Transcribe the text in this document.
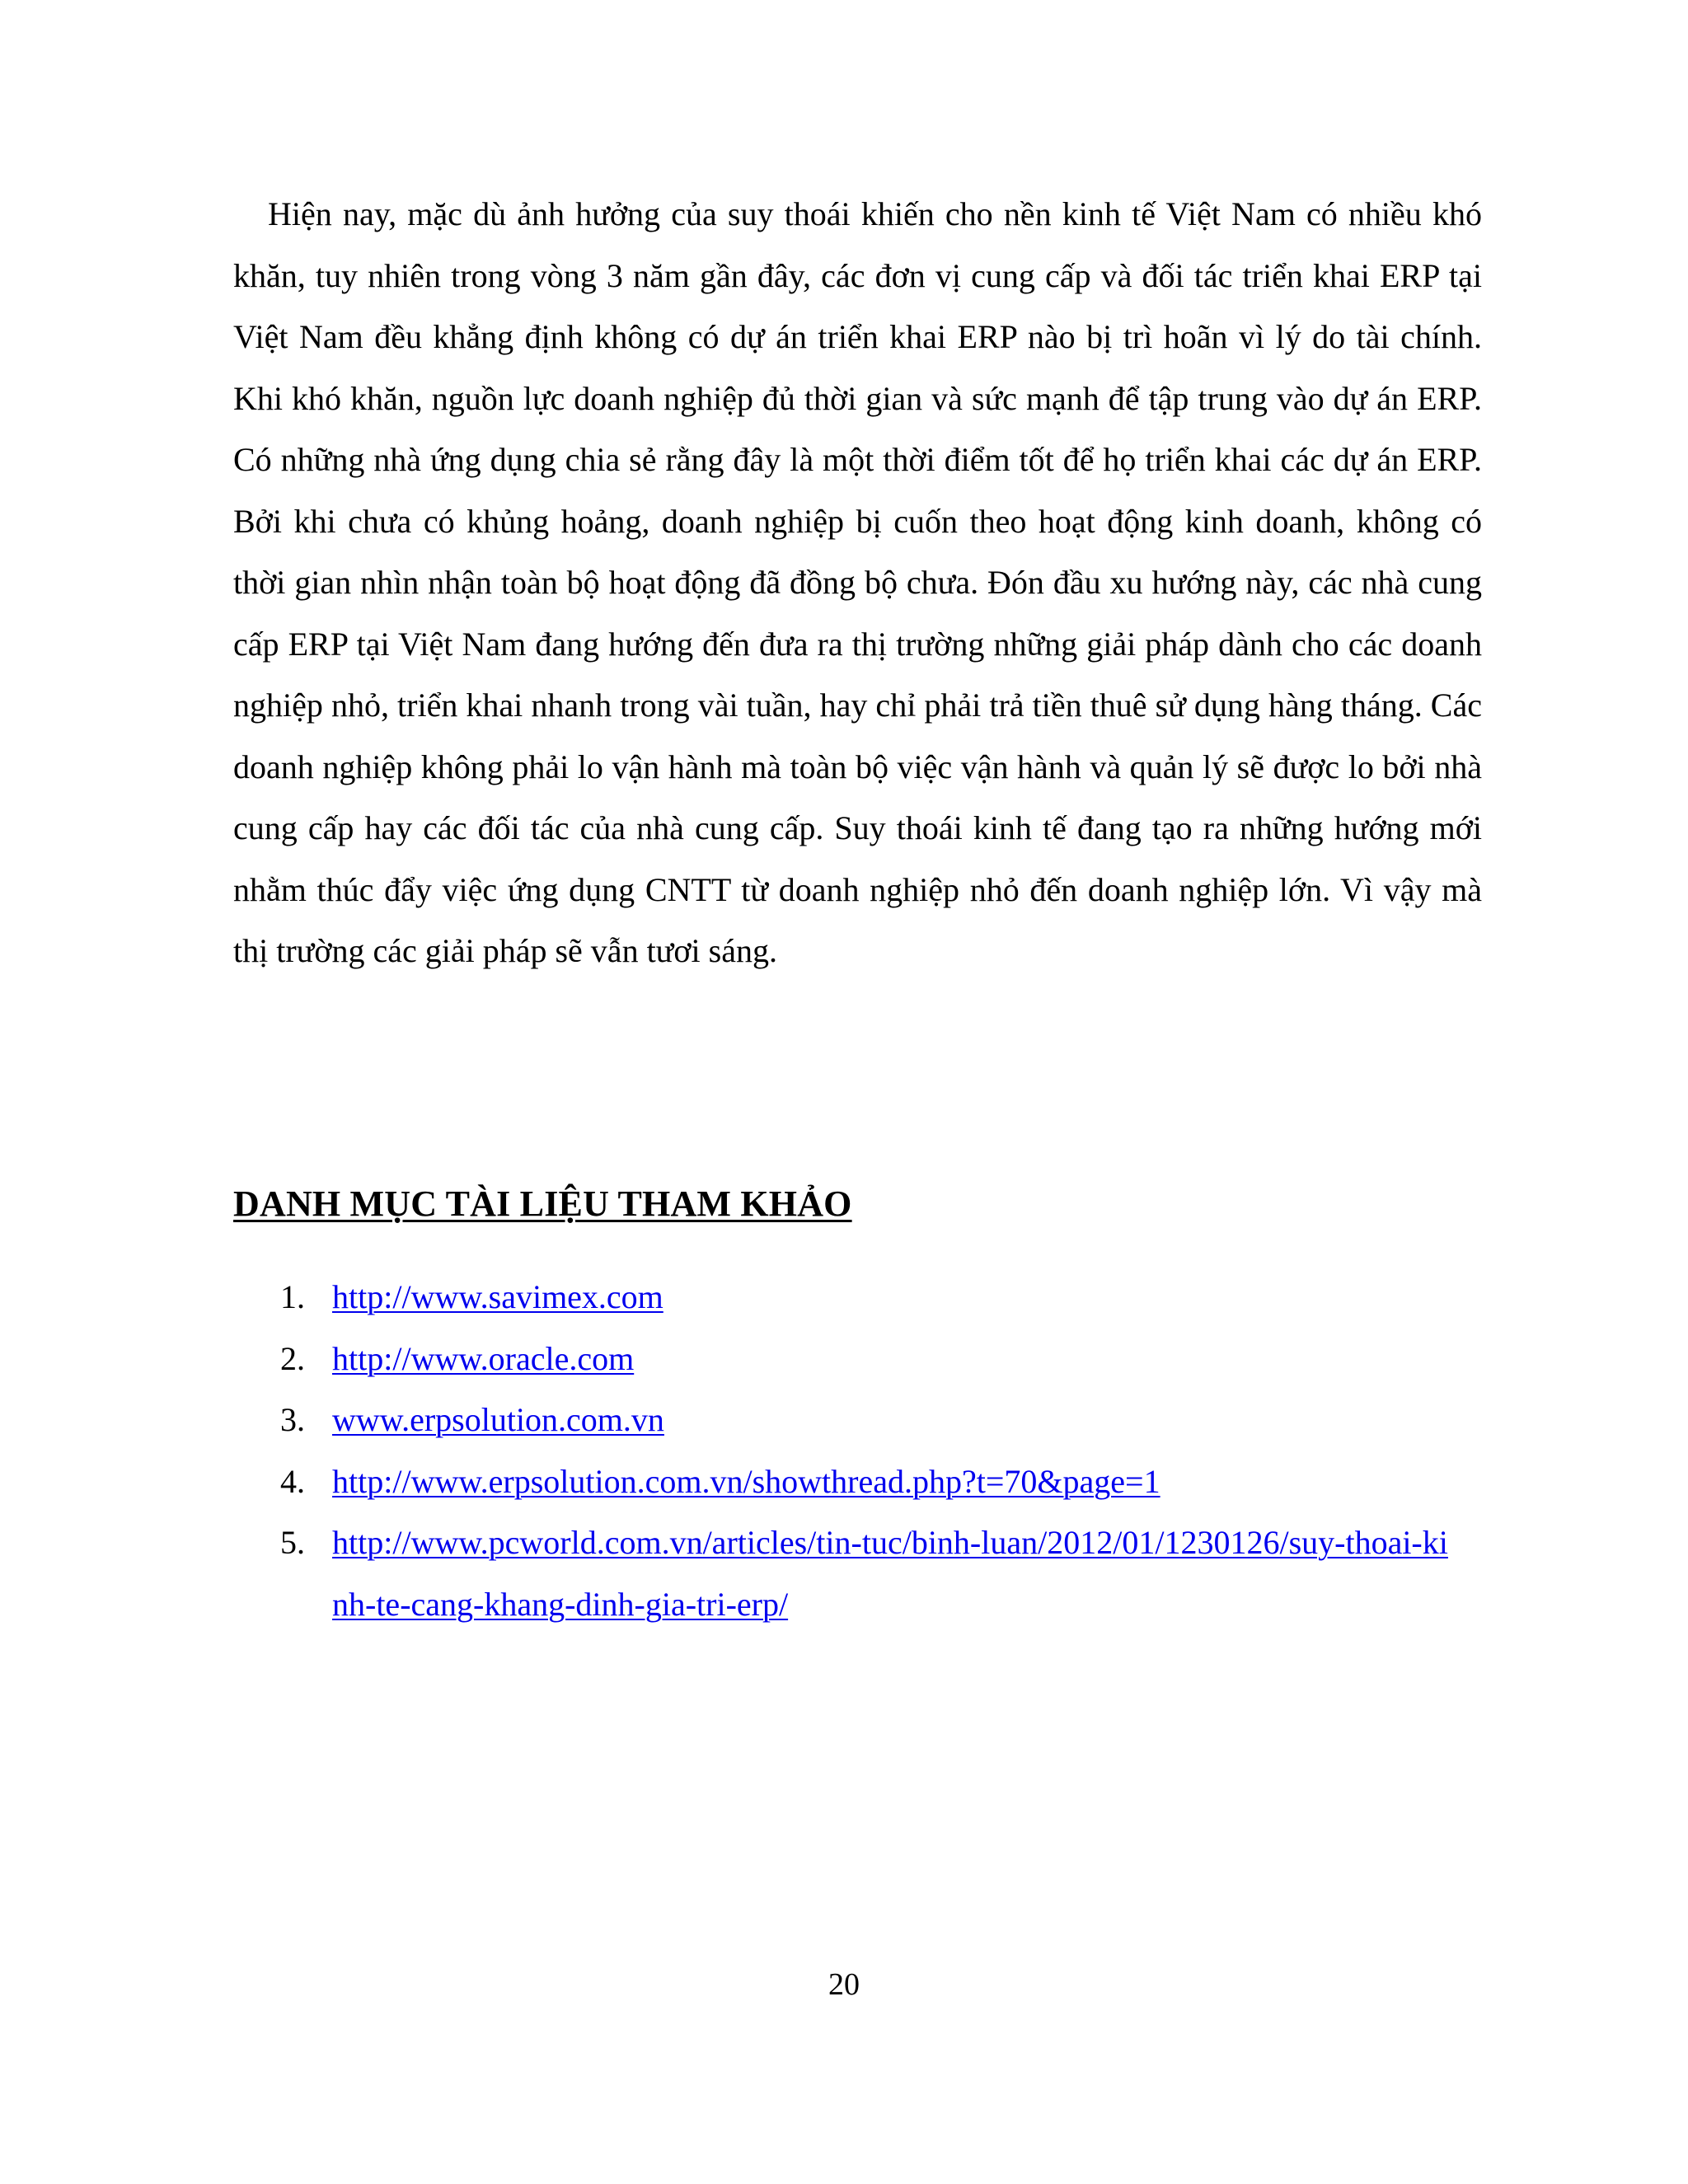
Hiện nay, mặc dù ảnh hưởng của suy thoái khiến cho nền kinh tế Việt Nam có nhiều khó khăn, tuy nhiên trong vòng 3 năm gần đây, các đơn vị cung cấp và đối tác triển khai ERP tại Việt Nam đều khẳng định không có dự án triển khai ERP nào bị trì hoãn vì lý do tài chính. Khi khó khăn, nguồn lực doanh nghiệp đủ thời gian và sức mạnh để tập trung vào dự án ERP. Có những nhà ứng dụng chia sẻ rằng đây là một thời điểm tốt để họ triển khai các dự án ERP. Bởi khi chưa có khủng hoảng, doanh nghiệp bị cuốn theo hoạt động kinh doanh, không có thời gian nhìn nhận toàn bộ hoạt động đã đồng bộ chưa. Đón đầu xu hướng này, các nhà cung cấp ERP tại Việt Nam đang hướng đến đưa ra thị trường những giải pháp dành cho các doanh nghiệp nhỏ, triển khai nhanh trong vài tuần, hay chỉ phải trả tiền thuê sử dụng hàng tháng. Các doanh nghiệp không phải lo vận hành mà toàn bộ việc vận hành và quản lý sẽ được lo bởi nhà cung cấp hay các đối tác của nhà cung cấp. Suy thoái kinh tế đang tạo ra những hướng mới nhằm thúc đẩy việc ứng dụng CNTT từ doanh nghiệp nhỏ đến doanh nghiệp lớn. Vì vậy mà thị trường các giải pháp sẽ vẫn tươi sáng.

DANH MỤC TÀI LIỆU THAM KHẢO
1. http://www.savimex.com
2. http://www.oracle.com
3. www.erpsolution.com.vn
4. http://www.erpsolution.com.vn/showthread.php?t=70&page=1
5. http://www.pcworld.com.vn/articles/tin-tuc/binh-luan/2012/01/1230126/suy-thoai-kinh-te-cang-khang-dinh-gia-tri-erp/

20
